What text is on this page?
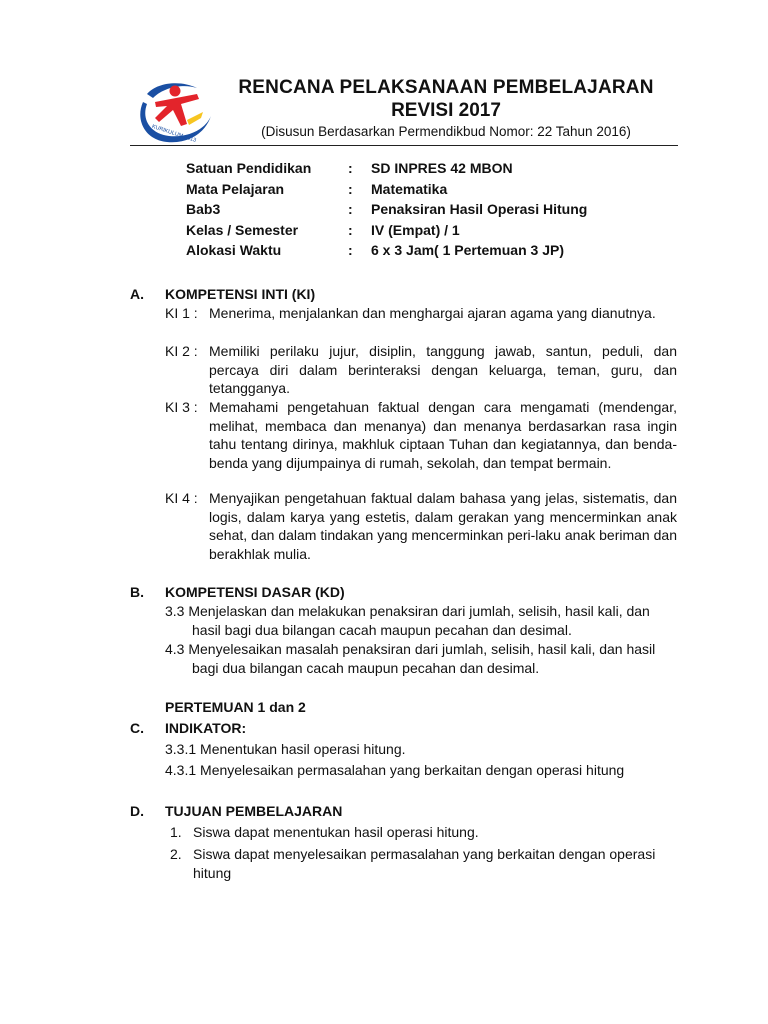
KURIKULUM 2013
RENCANA PELAKSANAAN PEMBELAJARAN
REVISI 2017
(Disusun Berdasarkan Permendikbud Nomor: 22 Tahun 2016)
Satuan Pendidikan	: SD INPRES 42 MBON
Mata Pelajaran	: Matematika
Bab3	: Penaksiran Hasil Operasi Hitung
Kelas / Semester	: IV (Empat) / 1
Alokasi Waktu	: 6 x 3 Jam( 1 Pertemuan 3 JP)
A. KOMPETENSI INTI (KI)
KI 1 : Menerima, menjalankan dan menghargai ajaran agama yang dianutnya.
KI 2 : Memiliki perilaku jujur, disiplin, tanggung jawab, santun, peduli, dan percaya diri dalam berinteraksi dengan keluarga, teman, guru, dan tetangganya.
KI 3 : Memahami pengetahuan faktual dengan cara mengamati (mendengar, melihat, membaca dan menanya) dan menanya berdasarkan rasa ingin tahu tentang dirinya, makhluk ciptaan Tuhan dan kegiatannya, dan benda-benda yang dijumpainya di rumah, sekolah, dan tempat bermain.
KI 4 : Menyajikan pengetahuan faktual dalam bahasa yang jelas, sistematis, dan logis, dalam karya yang estetis, dalam gerakan yang mencerminkan anak sehat, dan dalam tindakan yang mencerminkan peri-laku anak beriman dan berakhlak mulia.
B. KOMPETENSI DASAR (KD)
3.3 Menjelaskan dan melakukan penaksiran dari jumlah, selisih, hasil kali, dan hasil bagi dua bilangan cacah maupun pecahan dan desimal.
4.3 Menyelesaikan masalah penaksiran dari jumlah, selisih, hasil kali, dan hasil bagi dua bilangan cacah maupun pecahan dan desimal.
PERTEMUAN 1 dan 2
C. INDIKATOR:
3.3.1 Menentukan hasil operasi hitung.
4.3.1 Menyelesaikan permasalahan yang berkaitan dengan operasi hitung
D. TUJUAN PEMBELAJARAN
1. Siswa dapat menentukan hasil operasi hitung.
2. Siswa dapat menyelesaikan permasalahan yang berkaitan dengan operasi hitung
